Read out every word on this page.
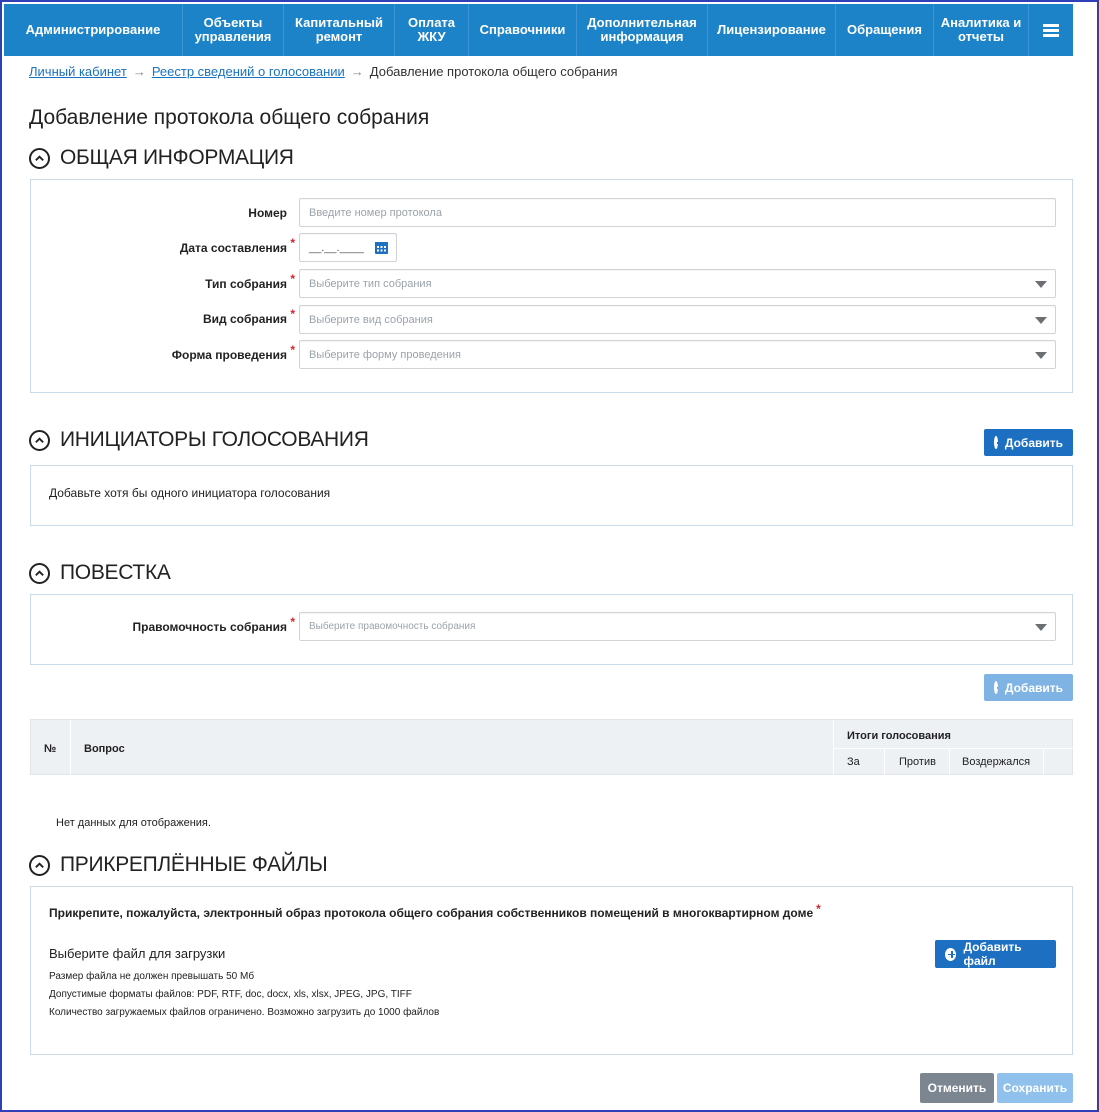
Администрирование	Объекты
управления
Капитальный
ремонт
Оплата
ЖКУ	Справочники	Дополнительная
информация	Лицензирование	Обращения	Аналитика и
отчеты
Личный кабинет → Реестр сведений о голосовании → Добавление протокола общего собрания
Добавление протокола общего собрания
ОБЩАЯ ИНФОРМАЦИЯ
Номер	Введите номер протокола
Дата составления * __.__.____
Тип собрания * Выберите тип собрания
Вид собрания * Выберите вид собрания
Форма проведения * Выберите форму проведения
ИНИЦИАТОРЫ ГОЛОСОВАНИЯ	Добавить
Добавьте хотя бы одного инициатора голосования
ПОВЕСТКА
Правомочность собрания * Выберите правомочность собрания
Добавить
№	Вопрос
Итоги голосования
За	Против Воздержался
Нет данных для отображения.
ПРИКРЕПЛЁННЫЕ ФАЙЛЫ
Прикрепите, пожалуйста, электронный образ протокола общего собрания собственников помещений в многоквартирном доме *
Выберите файл для загрузки	Добавить файл
Размер файла не должен превышать 50 Мб
Допустимые форматы файлов: PDF, RTF, doc, docx, xls, xlsx, JPEG, JPG, TIFF
Количество загружаемых файлов ограничено. Возможно загрузить до 1000 файлов
Отменить	Сохранить
